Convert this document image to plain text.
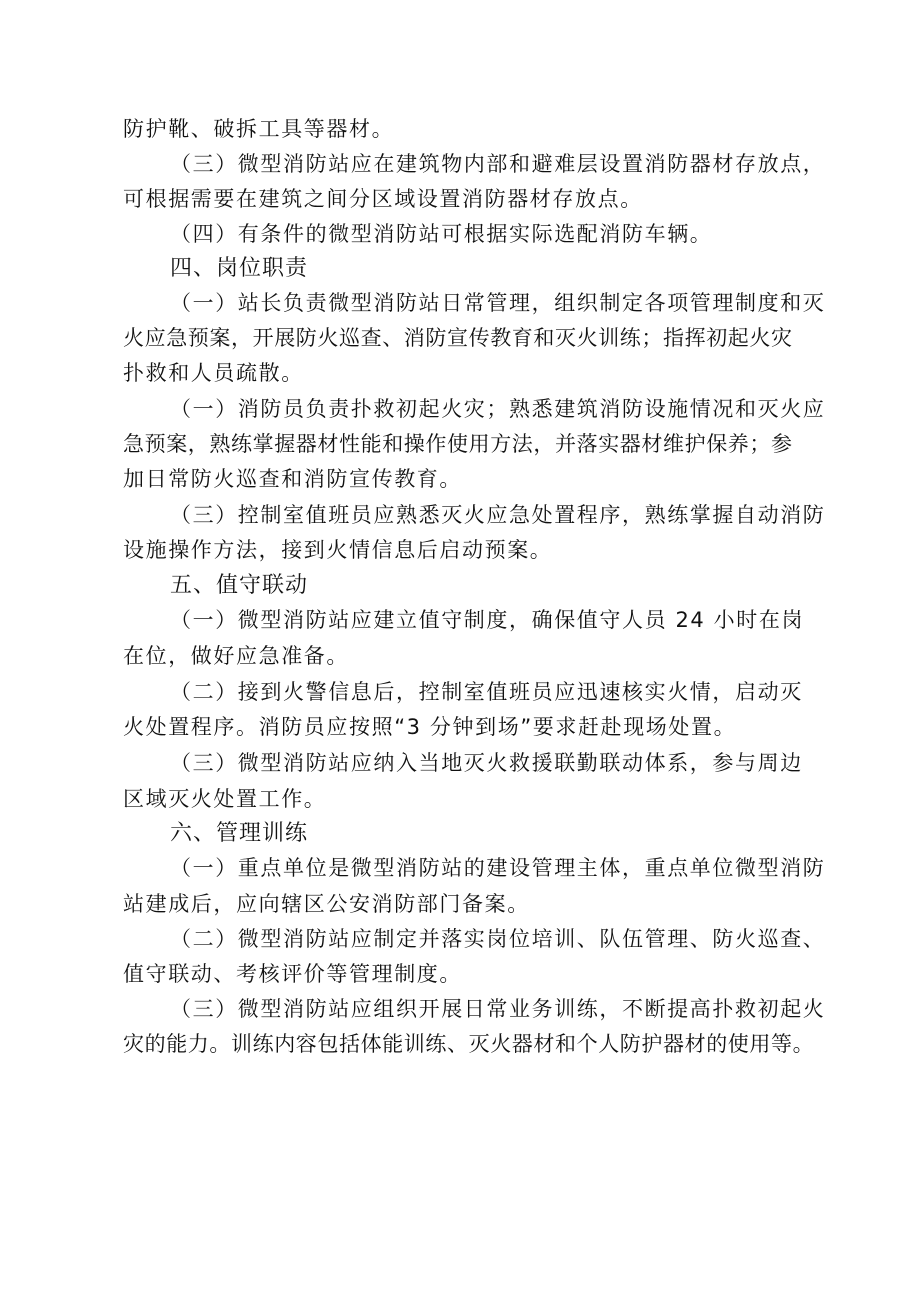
防护靴、破拆工具等器材。
（三）微型消防站应在建筑物内部和避难层设置消防器材存放点，
可根据需要在建筑之间分区域设置消防器材存放点。
（四）有条件的微型消防站可根据实际选配消防车辆。
四、岗位职责
（一）站长负责微型消防站日常管理，组织制定各项管理制度和灭
火应急预案，开展防火巡查、消防宣传教育和灭火训练；指挥初起火灾
扑救和人员疏散。
（一）消防员负责扑救初起火灾；熟悉建筑消防设施情况和灭火应
急预案，熟练掌握器材性能和操作使用方法，并落实器材维护保养；参
加日常防火巡查和消防宣传教育。
（三）控制室值班员应熟悉灭火应急处置程序，熟练掌握自动消防
设施操作方法，接到火情信息后启动预案。
五、值守联动
（一）微型消防站应建立值守制度，确保值守人员 24 小时在岗
在位，做好应急准备。
（二）接到火警信息后，控制室值班员应迅速核实火情，启动灭
火处置程序。消防员应按照“3 分钟到场”要求赶赴现场处置。
（三）微型消防站应纳入当地灭火救援联勤联动体系，参与周边
区域灭火处置工作。
六、管理训练
（一）重点单位是微型消防站的建设管理主体，重点单位微型消防
站建成后，应向辖区公安消防部门备案。
（二）微型消防站应制定并落实岗位培训、队伍管理、防火巡查、
值守联动、考核评价等管理制度。
（三）微型消防站应组织开展日常业务训练，不断提高扑救初起火
灾的能力。训练内容包括体能训练、灭火器材和个人防护器材的使用等。
